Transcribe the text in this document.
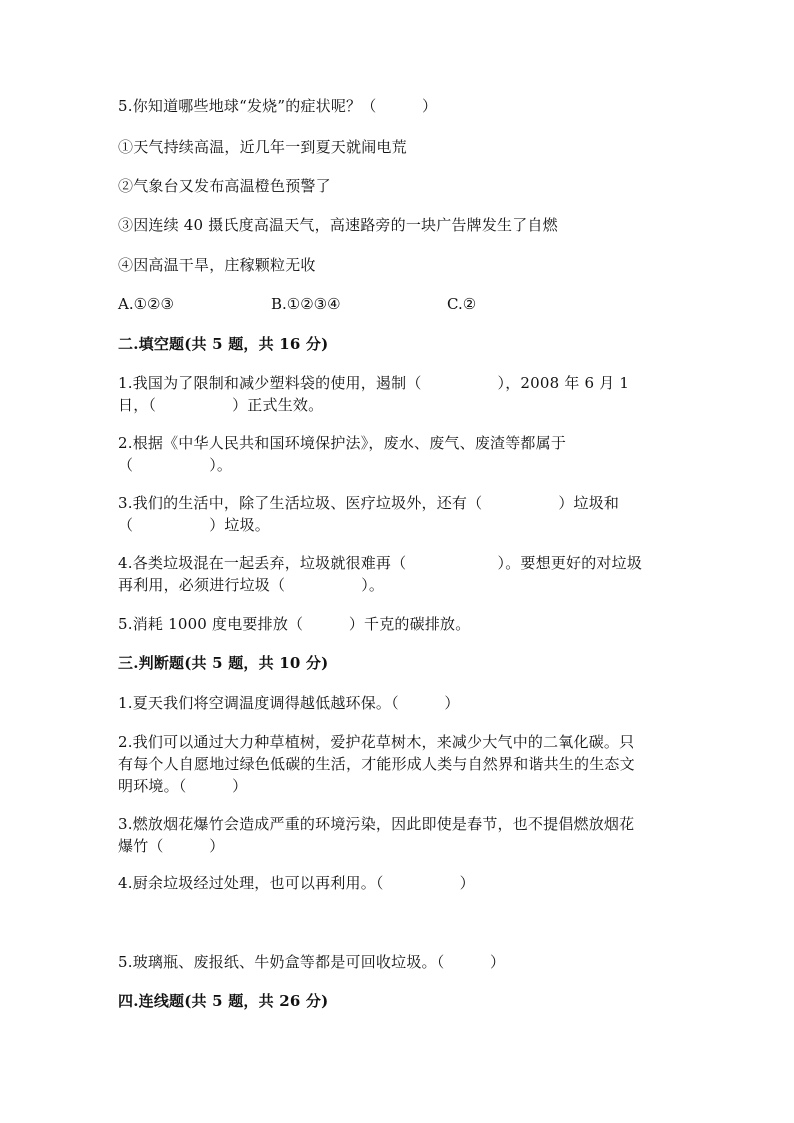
5.你知道哪些地球“发烧”的症状呢？（　　　）
①天气持续高温，近几年一到夏天就闹电荒
②气象台又发布高温橙色预警了
③因连续 40 摄氏度高温天气，高速路旁的一块广告牌发生了自燃
④因高温干旱，庄稼颗粒无收
A.①②③	B.①②③④	C.②
二.填空题(共 5 题，共 16 分)
1.我国为了限制和减少塑料袋的使用，遏制（　　　　　），2008 年 6 月 1
日，（　　　　　）正式生效。
2.根据《中华人民共和国环境保护法》，废水、废气、废渣等都属于
（　　　　　）。
3.我们的生活中，除了生活垃圾、医疗垃圾外，还有（　　　　　）垃圾和
（　　　　　）垃圾。
4.各类垃圾混在一起丢弃，垃圾就很难再（　　　　　　）。要想更好的对垃圾
再利用，必须进行垃圾（　　　　　）。
5.消耗 1000 度电要排放（　　　）千克的碳排放。
三.判断题(共 5 题，共 10 分)
1.夏天我们将空调温度调得越低越环保。（　　　）
2.我们可以通过大力种草植树，爱护花草树木，来减少大气中的二氧化碳。只
有每个人自愿地过绿色低碳的生活，才能形成人类与自然界和谐共生的生态文
明环境。（　　　）
3.燃放烟花爆竹会造成严重的环境污染，因此即使是春节，也不提倡燃放烟花
爆竹（　　　）
4.厨余垃圾经过处理，也可以再利用。（　　　　　）
5.玻璃瓶、废报纸、牛奶盒等都是可回收垃圾。（　　　）
四.连线题(共 5 题，共 26 分)
